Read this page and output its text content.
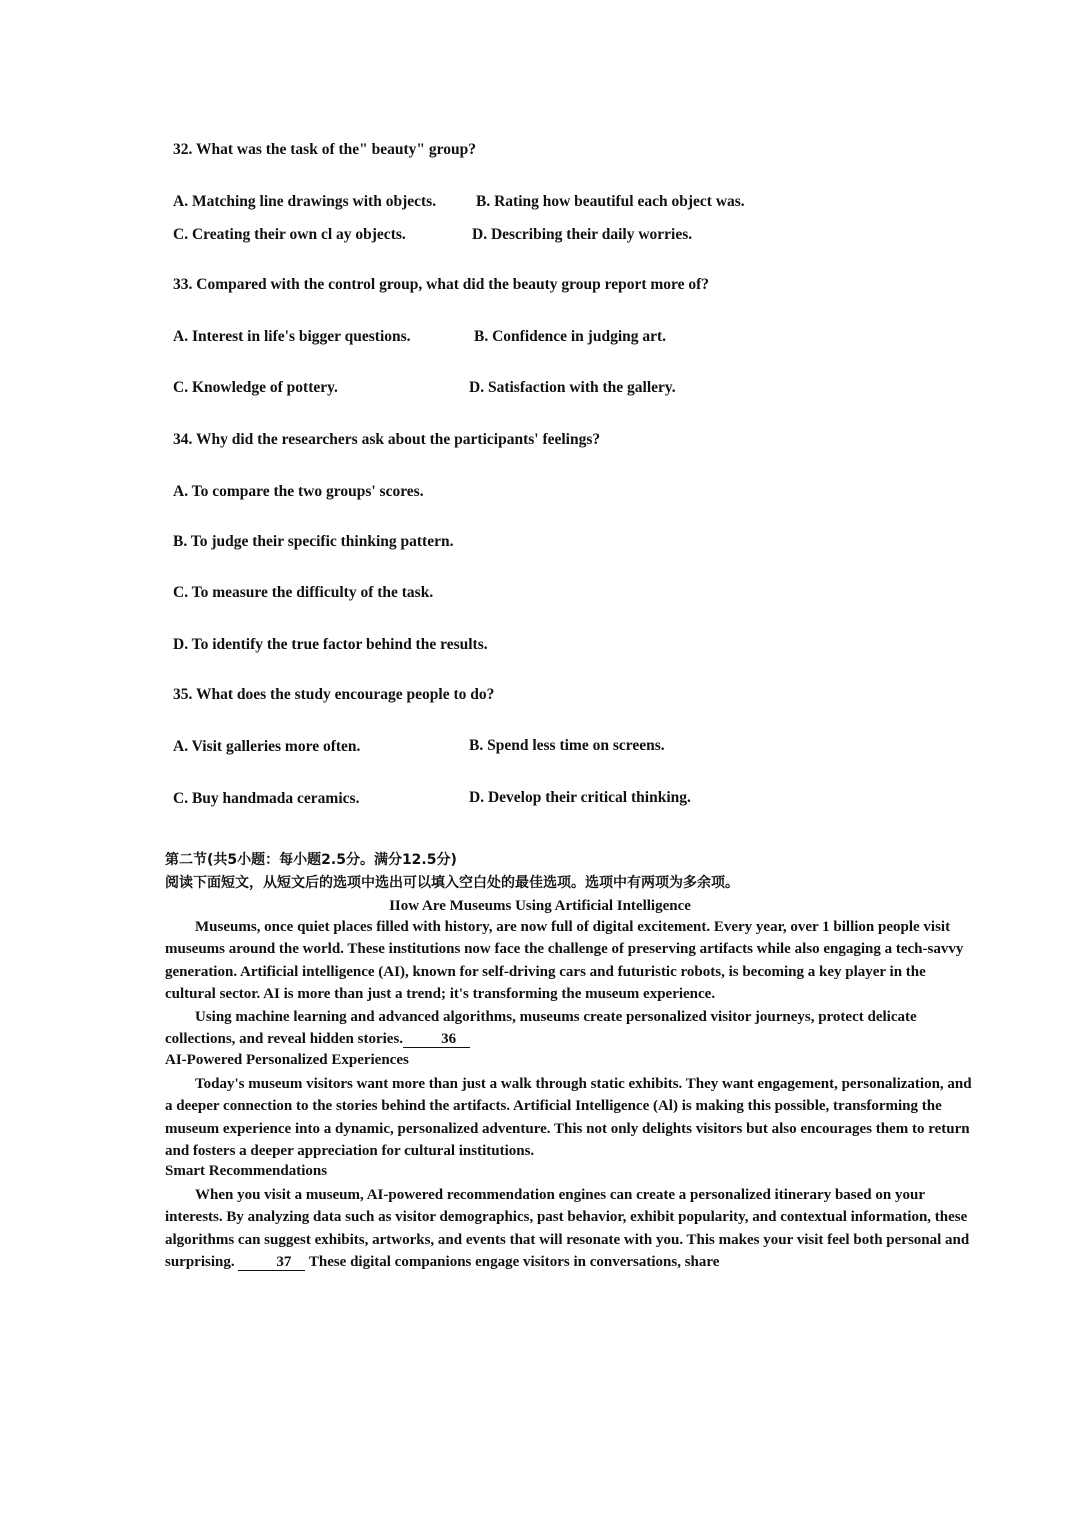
32. What was the task of the" beauty" group?
A. Matching line drawings with objects.	B. Rating how beautiful each object was.
C. Creating their own cl ay objects.	D. Describing their daily worries.
33. Compared with the control group, what did the beauty group report more of?
A. Interest in life's bigger questions.	B. Confidence in judging art.
C. Knowledge of pottery.	D. Satisfaction with the gallery.
34. Why did the researchers ask about the participants' feelings?
A. To compare the two groups' scores.
B. To judge their specific thinking pattern.
C. To measure the difficulty of the task.
D. To identify the true factor behind the results.
35. What does the study encourage people to do?
A. Visit galleries more often.	B. Spend less time on screens.
C. Buy handmada ceramics.	D. Develop their critical thinking.
第二节(共5小题：每小题2.5分。满分12.5分)
阅读下面短文，从短文后的选项中选出可以填入空白处的最佳选项。选项中有两项为多余项。
IIow Are Museums Using Artificial Intelligence

Museums, once quiet places filled with history, are now full of digital excitement. Every year, over 1 billion people visit museums around the world. These institutions now face the challenge of preserving artifacts while also engaging a tech-savvy generation. Artificial intelligence (AI), known for self-driving cars and futuristic robots, is becoming a key player in the cultural sector. AI is more than just a trend; it's transforming the museum experience.

Using machine learning and advanced algorithms, museums create personalized visitor journeys, protect delicate collections, and reveal hidden stories.	36

AI-Powered Personalized Experiences

Today's museum visitors want more than just a walk through static exhibits. They want engagement, personalization, and a deeper connection to the stories behind the artifacts. Artificial Intelligence (Al) is making this possible, transforming the museum experience into a dynamic, personalized adventure. This not only delights visitors but also encourages them to return and fosters a deeper appreciation for cultural institutions.

Smart Recommendations

When you visit a museum, AI-powered recommendation engines can create a personalized itinerary based on your interests. By analyzing data such as visitor demographics, past behavior, exhibit popularity, and contextual information, these algorithms can suggest exhibits, artworks, and events that will resonate with you. This makes your visit feel both personal and surprising.	37 These digital companions engage visitors in conversations, share
